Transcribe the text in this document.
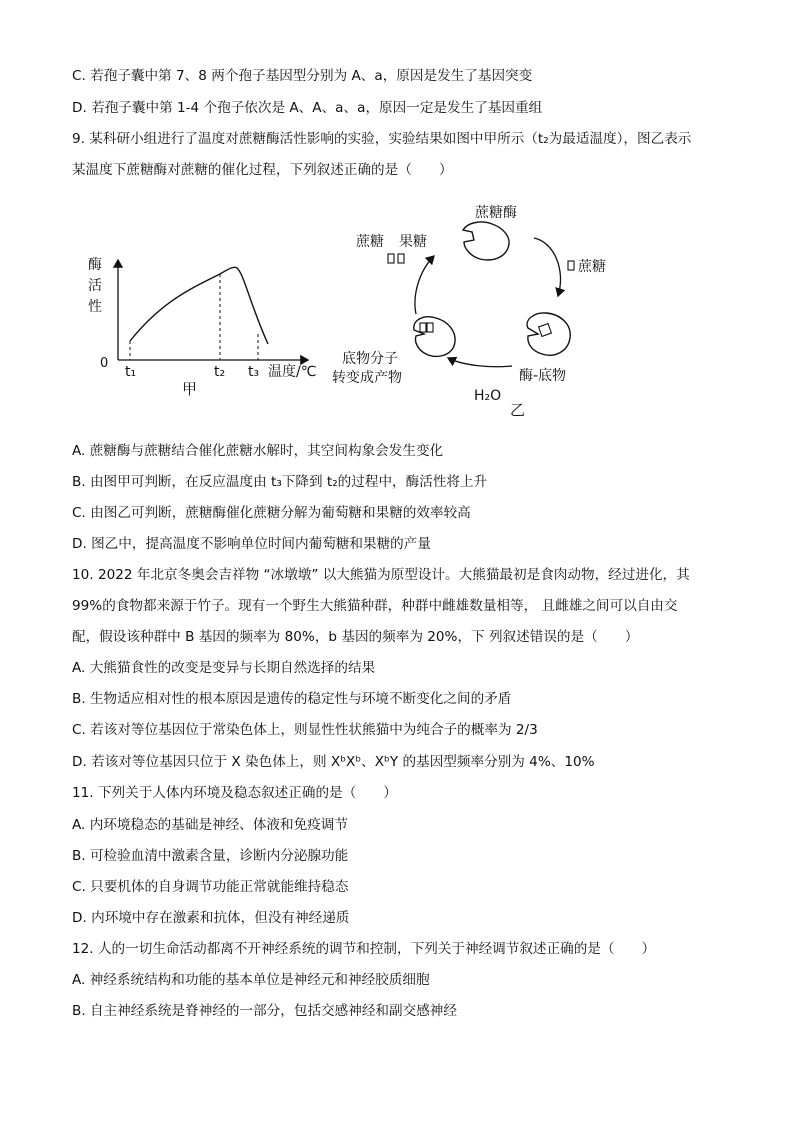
C. 若孢子囊中第 7、8 两个孢子基因型分别为 A、a，原因是发生了基因突变
D. 若孢子囊中第 1-4 个孢子依次是 A、A、a、a，原因一定是发生了基因重组
9. 某科研小组进行了温度对蔗糖酶活性影响的实验，实验结果如图中甲所示（t₂为最适温度），图乙表示
某温度下蔗糖酶对蔗糖的催化过程，下列叙述正确的是（　　）
酶
活
性
0
t₁	t₂ t₃ 温度/℃
甲
蔗糖酶
蔗糖
酶-底物
底物分子
转变成产物
蔗糖 果糖
H₂O
乙
A. 蔗糖酶与蔗糖结合催化蔗糖水解时，其空间构象会发生变化
B. 由图甲可判断，在反应温度由 t₃下降到 t₂的过程中，酶活性将上升
C. 由图乙可判断，蔗糖酶催化蔗糖分解为葡萄糖和果糖的效率较高
D. 图乙中，提高温度不影响单位时间内葡萄糖和果糖的产量
10. 2022 年北京冬奥会吉祥物 “冰墩墩” 以大熊猫为原型设计。大熊猫最初是食肉动物，经过进化，其
99%的食物都来源于竹子。现有一个野生大熊猫种群，种群中雌雄数量相等， 且雌雄之间可以自由交
配，假设该种群中 B 基因的频率为 80%，b 基因的频率为 20%，下 列叙述错误的是（　　）
A. 大熊猫食性的改变是变异与长期自然选择的结果
B. 生物适应相对性的根本原因是遗传的稳定性与环境不断变化之间的矛盾
C. 若该对等位基因位于常染色体上，则显性性状熊猫中为纯合子的概率为 2/3
D. 若该对等位基因只位于 X 染色体上，则 XᵇXᵇ、XᵇY 的基因型频率分别为 4%、10%
11. 下列关于人体内环境及稳态叙述正确的是（　　）
A. 内环境稳态的基础是神经、体液和免疫调节
B. 可检验血清中激素含量，诊断内分泌腺功能
C. 只要机体的自身调节功能正常就能维持稳态
D. 内环境中存在激素和抗体，但没有神经递质
12. 人的一切生命活动都离不开神经系统的调节和控制，下列关于神经调节叙述正确的是（　　）
A. 神经系统结构和功能的基本单位是神经元和神经胶质细胞
B. 自主神经系统是脊神经的一部分，包括交感神经和副交感神经
